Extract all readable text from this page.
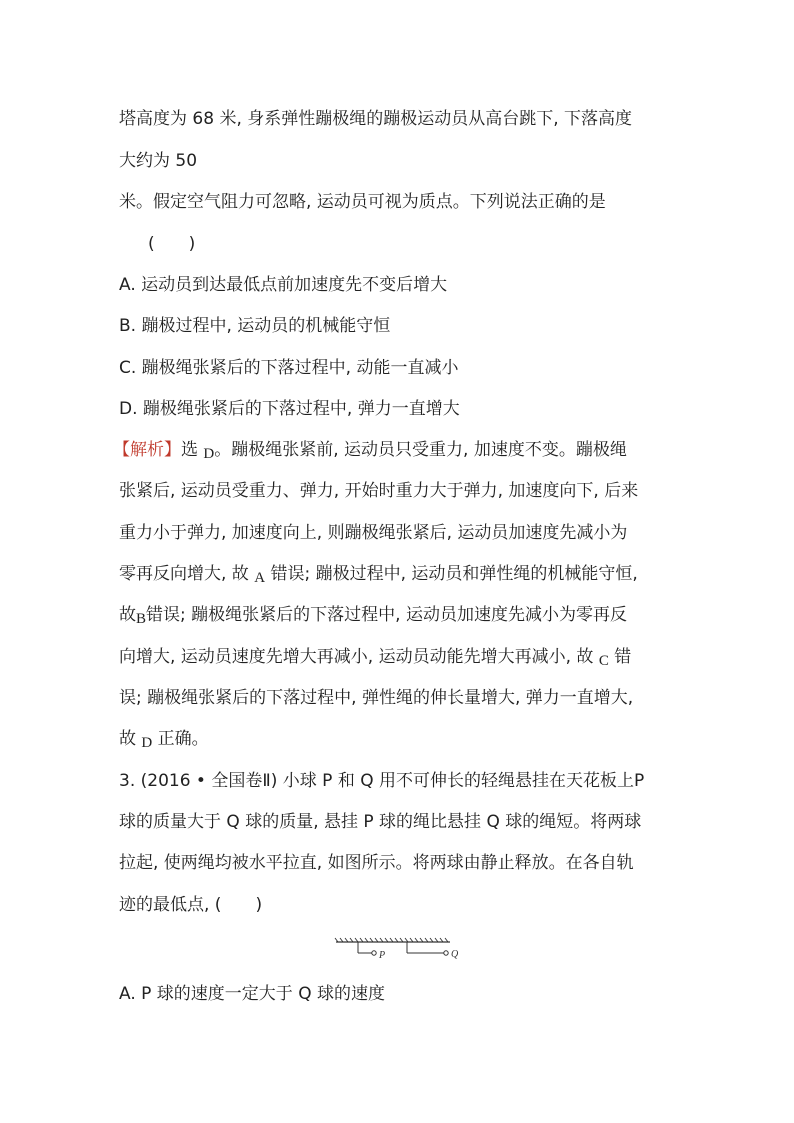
塔高度为 68 米, 身系弹性蹦极绳的蹦极运动员从高台跳下, 下落高度
大约为 50
米。假定空气阻力可忽略, 运动员可视为质点。下列说法正确的是
(　　)
A. 运动员到达最低点前加速度先不变后增大
B. 蹦极过程中, 运动员的机械能守恒
C. 蹦极绳张紧后的下落过程中, 动能一直减小
D. 蹦极绳张紧后的下落过程中, 弹力一直增大
【解析】选 D。蹦极绳张紧前, 运动员只受重力, 加速度不变。蹦极绳
张紧后, 运动员受重力、弹力, 开始时重力大于弹力, 加速度向下, 后来
重力小于弹力, 加速度向上, 则蹦极绳张紧后, 运动员加速度先减小为
零再反向增大, 故 A 错误; 蹦极过程中, 运动员和弹性绳的机械能守恒,
故B错误; 蹦极绳张紧后的下落过程中, 运动员加速度先减小为零再反
向增大, 运动员速度先增大再减小, 运动员动能先增大再减小, 故 C 错
误; 蹦极绳张紧后的下落过程中, 弹性绳的伸长量增大, 弹力一直增大,
故 D 正确。
3. (2016 • 全国卷Ⅱ) 小球 P 和 Q 用不可伸长的轻绳悬挂在天花板上P
球的质量大于 Q 球的质量, 悬挂 P 球的绳比悬挂 Q 球的绳短。将两球
拉起, 使两绳均被水平拉直, 如图所示。将两球由静止释放。在各自轨
迹的最低点, (　　)
P	Q
A. P 球的速度一定大于 Q 球的速度
